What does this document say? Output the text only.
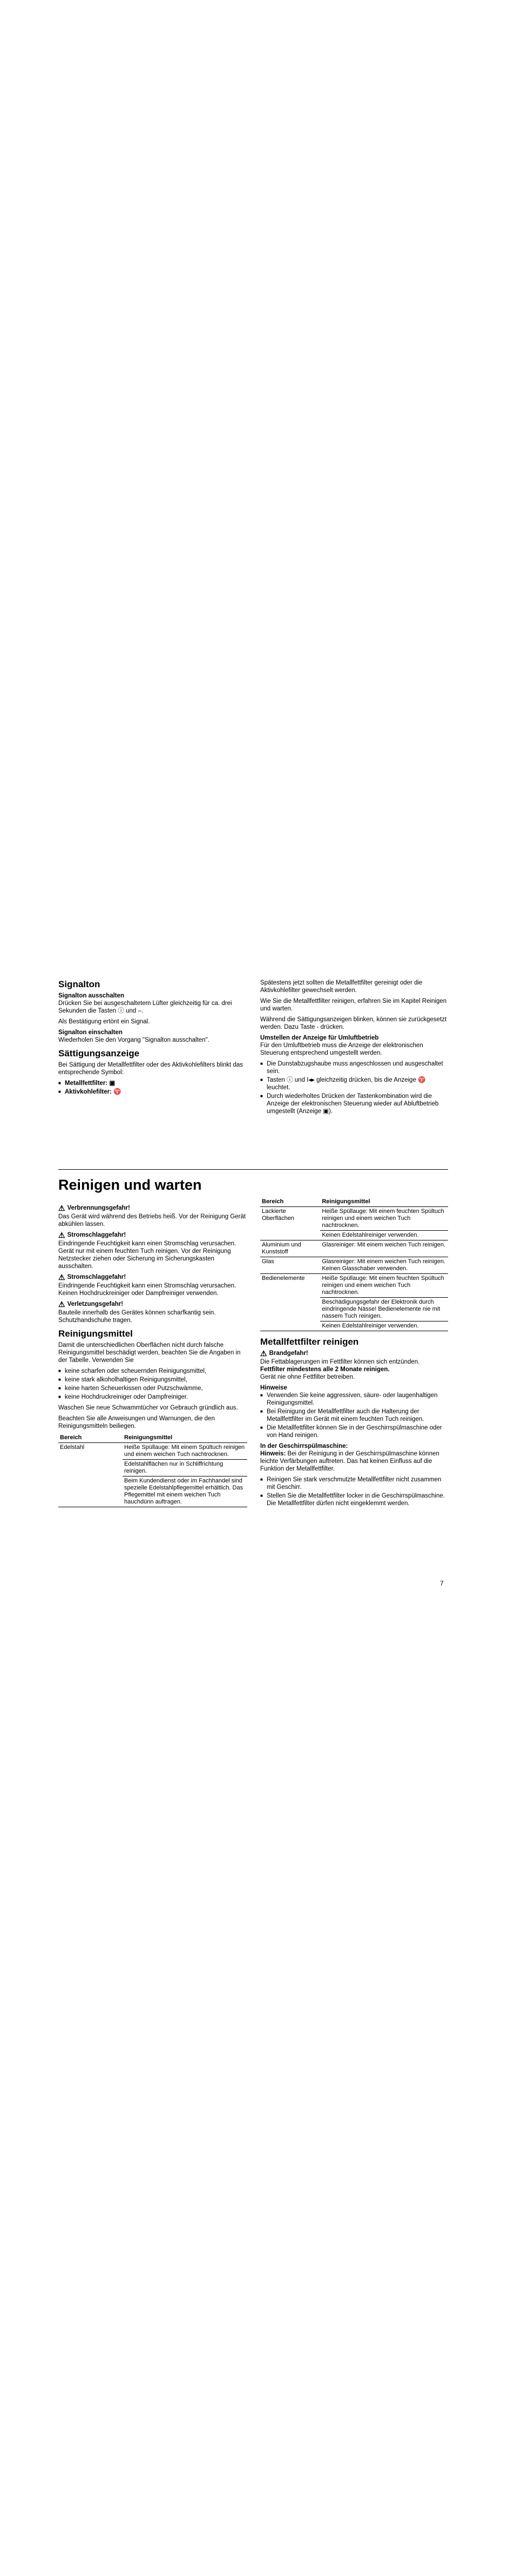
Signalton
Signalton ausschalten
Drücken Sie bei ausgeschaltetem Lüfter gleichzeitig für ca. drei Sekunden die Tasten ⓘ und –.
Als Bestätigung ertönt ein Signal.
Signalton einschalten
Wiederholen Sie den Vorgang "Signalton ausschalten".
Sättigungsanzeige
Bei Sättigung der Metallfettfilter oder des Aktivkohlefilters blinkt das entsprechende Symbol:
■ Metallfettfilter: ▣
■ Aktivkohlefilter: ♈
Spätestens jetzt sollten die Metallfettfilter gereinigt oder die Aktivkohlefilter gewechselt werden.
Wie Sie die Metallfettfilter reinigen, erfahren Sie im Kapitel Reinigen und warten.
Während die Sättigungsanzeigen blinken, können sie zurückgesetzt werden. Dazu Taste - drücken.
Umstellen der Anzeige für Umluftbetrieb
Für den Umluftbetrieb muss die Anzeige der elektronischen Steuerung entsprechend umgestellt werden.
■ Die Dunstabzugshaube muss angeschlossen und ausgeschaltet sein.
■ Tasten ⓘ und I◂▸ gleichzeitig drücken, bis die Anzeige ♈ leuchtet.
■ Durch wiederholtes Drücken der Tastenkombination wird die Anzeige der elektronischen Steuerung wieder auf Abluftbetrieb umgestellt (Anzeige ▣).
Reinigen und warten
⚠ Verbrennungsgefahr!
Das Gerät wird während des Betriebs heiß. Vor der Reinigung Gerät abkühlen lassen.
⚠ Stromschlaggefahr!
Eindringende Feuchtigkeit kann einen Stromschlag verursachen. Gerät nur mit einem feuchten Tuch reinigen. Vor der Reinigung Netzstecker ziehen oder Sicherung im Sicherungskasten ausschalten.
⚠ Stromschlaggefahr!
Eindringende Feuchtigkeit kann einen Stromschlag verursachen. Keinen Hochdruckreiniger oder Dampfreiniger verwenden.
⚠ Verletzungsgefahr!
Bauteile innerhalb des Gerätes können scharfkantig sein. Schutzhandschuhe tragen.
Reinigungsmittel
Damit die unterschiedlichen Oberflächen nicht durch falsche Reinigungsmittel beschädigt werden, beachten Sie die Angaben in der Tabelle. Verwenden Sie
■ keine scharfen oder scheuernden Reinigungsmittel,
■ keine stark alkoholhaltigen Reinigungsmittel,
■ keine harten Scheuerkissen oder Putzschwämme,
■ keine Hochdruckreiniger oder Dampfreiniger.
Waschen Sie neue Schwammtücher vor Gebrauch gründlich aus.
Beachten Sie alle Anweisungen und Warnungen, die den Reinigungsmitteln beiliegen.
Bereich	Reinigungsmittel
Edelstahl	Heiße Spüllauge: Mit einem Spültuch reinigen und einem weichen Tuch nachtrocknen.
	Edelstahlflächen nur in Schliffrichtung reinigen.
	Beim Kundendienst oder im Fachhandel sind spezielle Edelstahlpflegemittel erhältlich. Das Pflegemittel mit einem weichen Tuch hauchdünn auftragen.
Bereich	Reinigungsmittel
Lackierte Oberflächen	Heiße Spüllauge: Mit einem feuchten Spültuch reinigen und einem weichen Tuch nachtrocknen.
	Keinen Edelstahlreiniger verwenden.
Aluminium und Kunststoff	Glasreiniger: Mit einem weichen Tuch reinigen.
Glas	Glasreiniger: Mit einem weichen Tuch reinigen. Keinen Glasschaber verwenden.
Bedienelemente	Heiße Spüllauge: Mit einem feuchten Spültuch reinigen und einem weichen Tuch nachtrocknen.
	Beschädigungsgefahr der Elektronik durch eindringende Nässe! Bedienelemente nie mit nassem Tuch reinigen.
	Keinen Edelstahlreiniger verwenden.
Metallfettfilter reinigen
⚠ Brandgefahr!
Die Fettablagerungen im Fettfilter können sich entzünden.
Fettfilter mindestens alle 2 Monate reinigen.
Gerät nie ohne Fettfilter betreiben.
Hinweise
■ Verwenden Sie keine aggressiven, säure- oder laugenhaltigen Reinigungsmittel.
■ Bei Reinigung der Metallfettfilter auch die Halterung der Metallfettfilter im Gerät mit einem feuchten Tuch reinigen.
■ Die Metallfettfilter können Sie in der Geschirrspülmaschine oder von Hand reinigen.
In der Geschirrspülmaschine:
Hinweis: Bei der Reinigung in der Geschirrspülmaschine können leichte Verfärbungen auftreten. Das hat keinen Einfluss auf die Funktion der Metallfettfilter.
■ Reinigen Sie stark verschmutzte Metallfettfilter nicht zusammen mit Geschirr.
■ Stellen Sie die Metallfettfilter locker in die Geschirrspülmaschine. Die Metallfettfilter dürfen nicht eingeklemmt werden.
7
